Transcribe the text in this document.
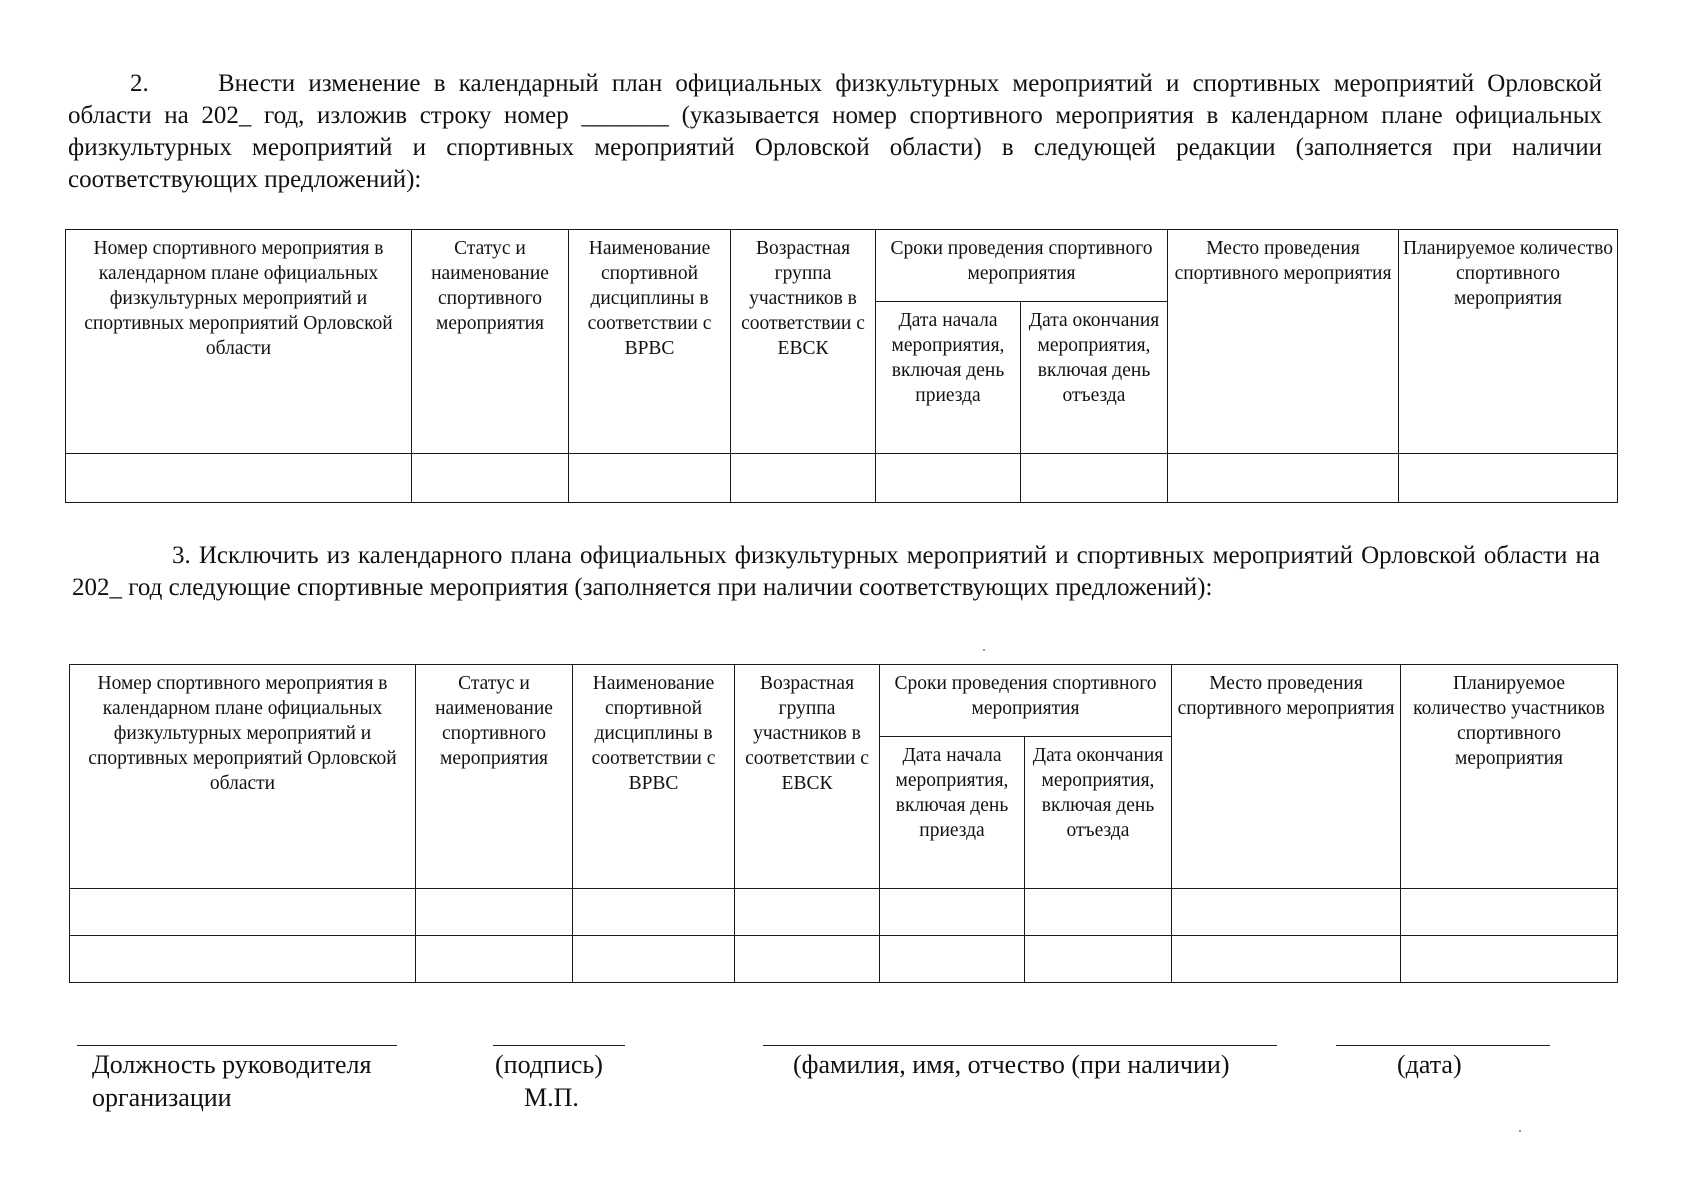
2.	Внести изменение в календарный план официальных физкультурных мероприятий и спортивных мероприятий Орловской области на 202_ год, изложив строку номер _______ (указывается номер спортивного мероприятия в календарном плане официальных физкультурных мероприятий и спортивных мероприятий Орловской области) в следующей редакции (заполняется при наличии соответствующих предложений):

Номер спортивного мероприятия в календарном плане официальных физкультурных мероприятий и спортивных мероприятий Орловской области	Статус и наименование спортивного мероприятия	Наименование спортивной дисциплины в соответствии с ВРВС	Возрастная группа участников в соответствии с ЕВСК	Сроки проведения спортивного мероприятия		Место проведения спортивного мероприятия	Планируемое количество спортивного мероприятия
				Дата начала мероприятия, включая день приезда	Дата окончания мероприятия, включая день отъезда		

3. Исключить из календарного плана официальных физкультурных мероприятий и спортивных мероприятий Орловской области на 202_ год следующие спортивные мероприятия (заполняется при наличии соответствующих предложений):

Номер спортивного мероприятия в календарном плане официальных физкультурных мероприятий и спортивных мероприятий Орловской области	Статус и наименование спортивного мероприятия	Наименование спортивной дисциплины в соответствии с ВРВС	Возрастная группа участников в соответствии с ЕВСК	Сроки проведения спортивного мероприятия		Место проведения спортивного мероприятия	Планируемое количество участников спортивного мероприятия
				Дата начала мероприятия, включая день приезда	Дата окончания мероприятия, включая день отъезда		

Должность руководителя
организации
(подпись)
М.П.
(фамилия, имя, отчество (при наличии)	(дата)
